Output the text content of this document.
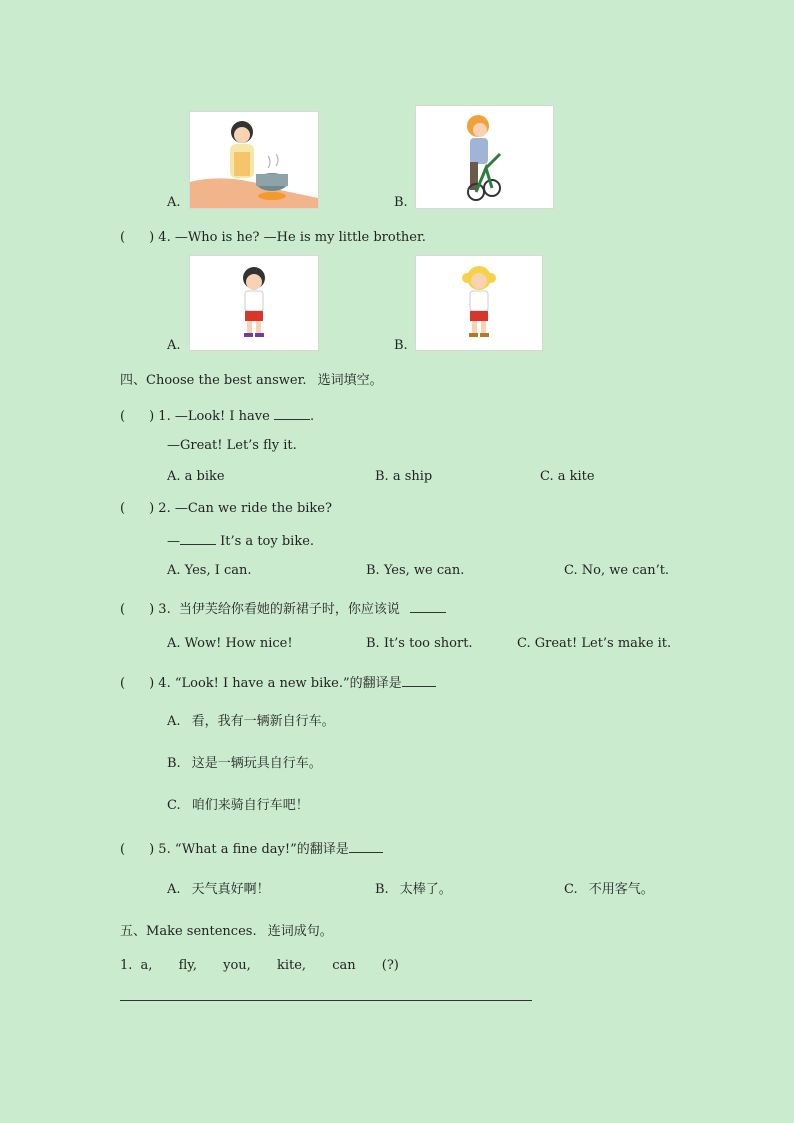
A.	B.
( ) 4. —Who is he? —He is my little brother.
A.	B.
四、Choose the best answer. 选词填空。
( ) 1. —Look! I have	.
—Great! Let’s fly it.
A. a bike	B. a ship	C. a kite
( ) 2. —Can we ride the bike?
—	It’s a toy bike.
A. Yes, I can.	B. Yes, we can.	C. No, we can’t.
( ) 3. 当伊芙给你看她的新裙子时，你应该说
A. Wow! How nice!	B. It’s too short.	C. Great! Let’s make it.
( ) 4. “Look! I have a new bike.”的翻译是
A. 看，我有一辆新自行车。
B. 这是一辆玩具自行车。
C. 咱们来骑自行车吧！
( ) 5. “What a fine day!”的翻译是
A. 天气真好啊！	B. 太棒了。	C. 不用客气。
五、Make sentences. 连词成句。
1. a, fly, you, kite, can (?)
